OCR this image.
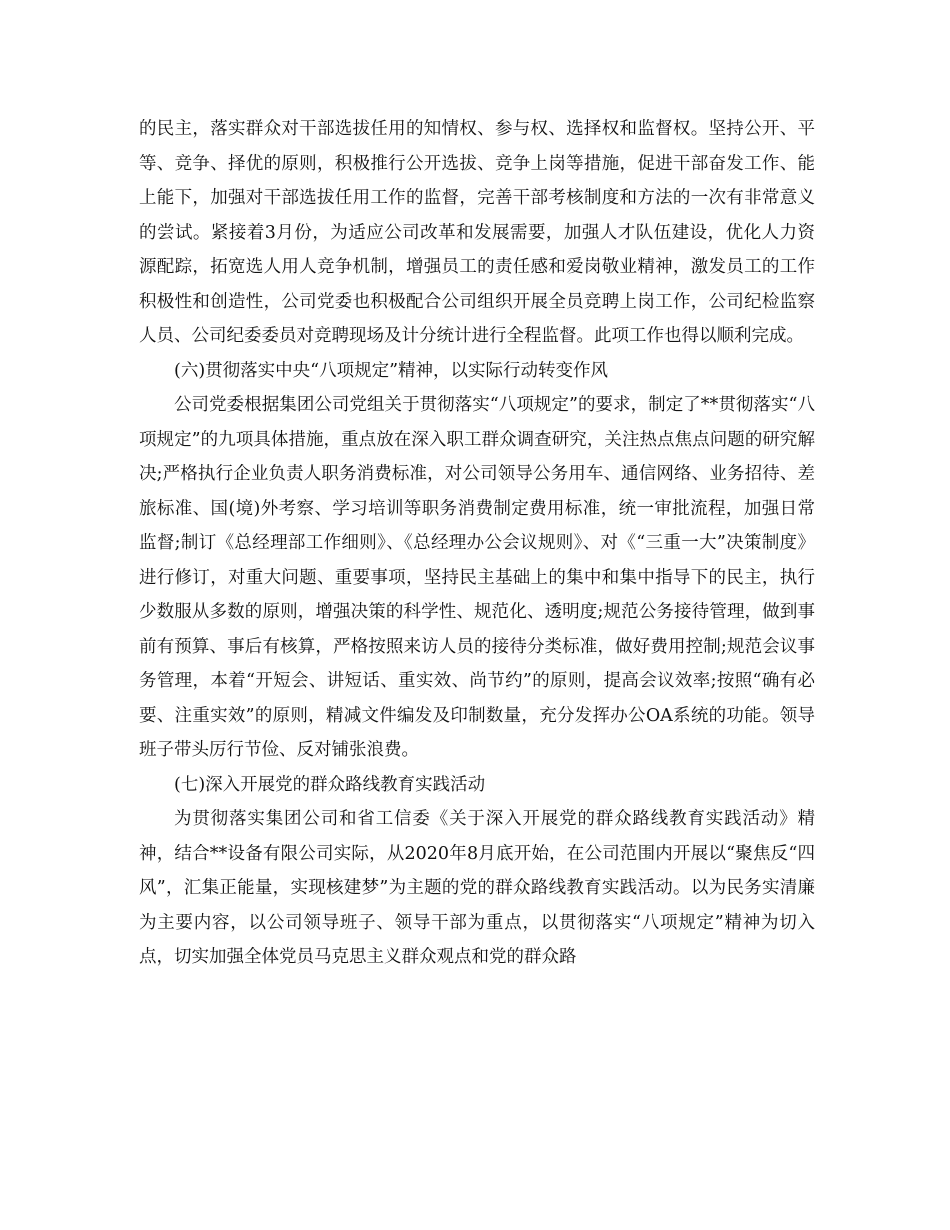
的民主，落实群众对干部选拔任用的知情权、参与权、选择权和监督权。坚持公开、平等、竞争、择优的原则，积极推行公开选拔、竞争上岗等措施，促进干部奋发工作、能上能下，加强对干部选拔任用工作的监督，完善干部考核制度和方法的一次有非常意义的尝试。紧接着3月份，为适应公司改革和发展需要，加强人才队伍建设，优化人力资源配踪，拓宽选人用人竞争机制，增强员工的责任感和爱岗敬业精神，激发员工的工作积极性和创造性，公司党委也积极配合公司组织开展全员竞聘上岗工作，公司纪检监察人员、公司纪委委员对竞聘现场及计分统计进行全程监督。此项工作也得以顺利完成。

(六)贯彻落实中央“八项规定”精神，以实际行动转变作风

公司党委根据集团公司党组关于贯彻落实“八项规定”的要求，制定了**贯彻落实“八项规定”的九项具体措施，重点放在深入职工群众调查研究，关注热点焦点问题的研究解决;严格执行企业负责人职务消费标准，对公司领导公务用车、通信网络、业务招待、差旅标准、国(境)外考察、学习培训等职务消费制定费用标准，统一审批流程，加强日常监督;制订《总经理部工作细则》、《总经理办公会议规则》、对《“三重一大”决策制度》进行修订，对重大问题、重要事项，坚持民主基础上的集中和集中指导下的民主，执行少数服从多数的原则，增强决策的科学性、规范化、透明度;规范公务接待管理，做到事前有预算、事后有核算，严格按照来访人员的接待分类标准，做好费用控制;规范会议事务管理，本着“开短会、讲短话、重实效、尚节约”的原则，提高会议效率;按照“确有必要、注重实效”的原则，精减文件编发及印制数量，充分发挥办公OA系统的功能。领导班子带头厉行节俭、反对铺张浪费。

(七)深入开展党的群众路线教育实践活动

为贯彻落实集团公司和省工信委《关于深入开展党的群众路线教育实践活动》精神，结合**设备有限公司实际，从2020年8月底开始，在公司范围内开展以“聚焦反“四风”，汇集正能量，实现核建梦”为主题的党的群众路线教育实践活动。以为民务实清廉为主要内容，以公司领导班子、领导干部为重点，以贯彻落实“八项规定”精神为切入点，切实加强全体党员马克思主义群众观点和党的群众路
